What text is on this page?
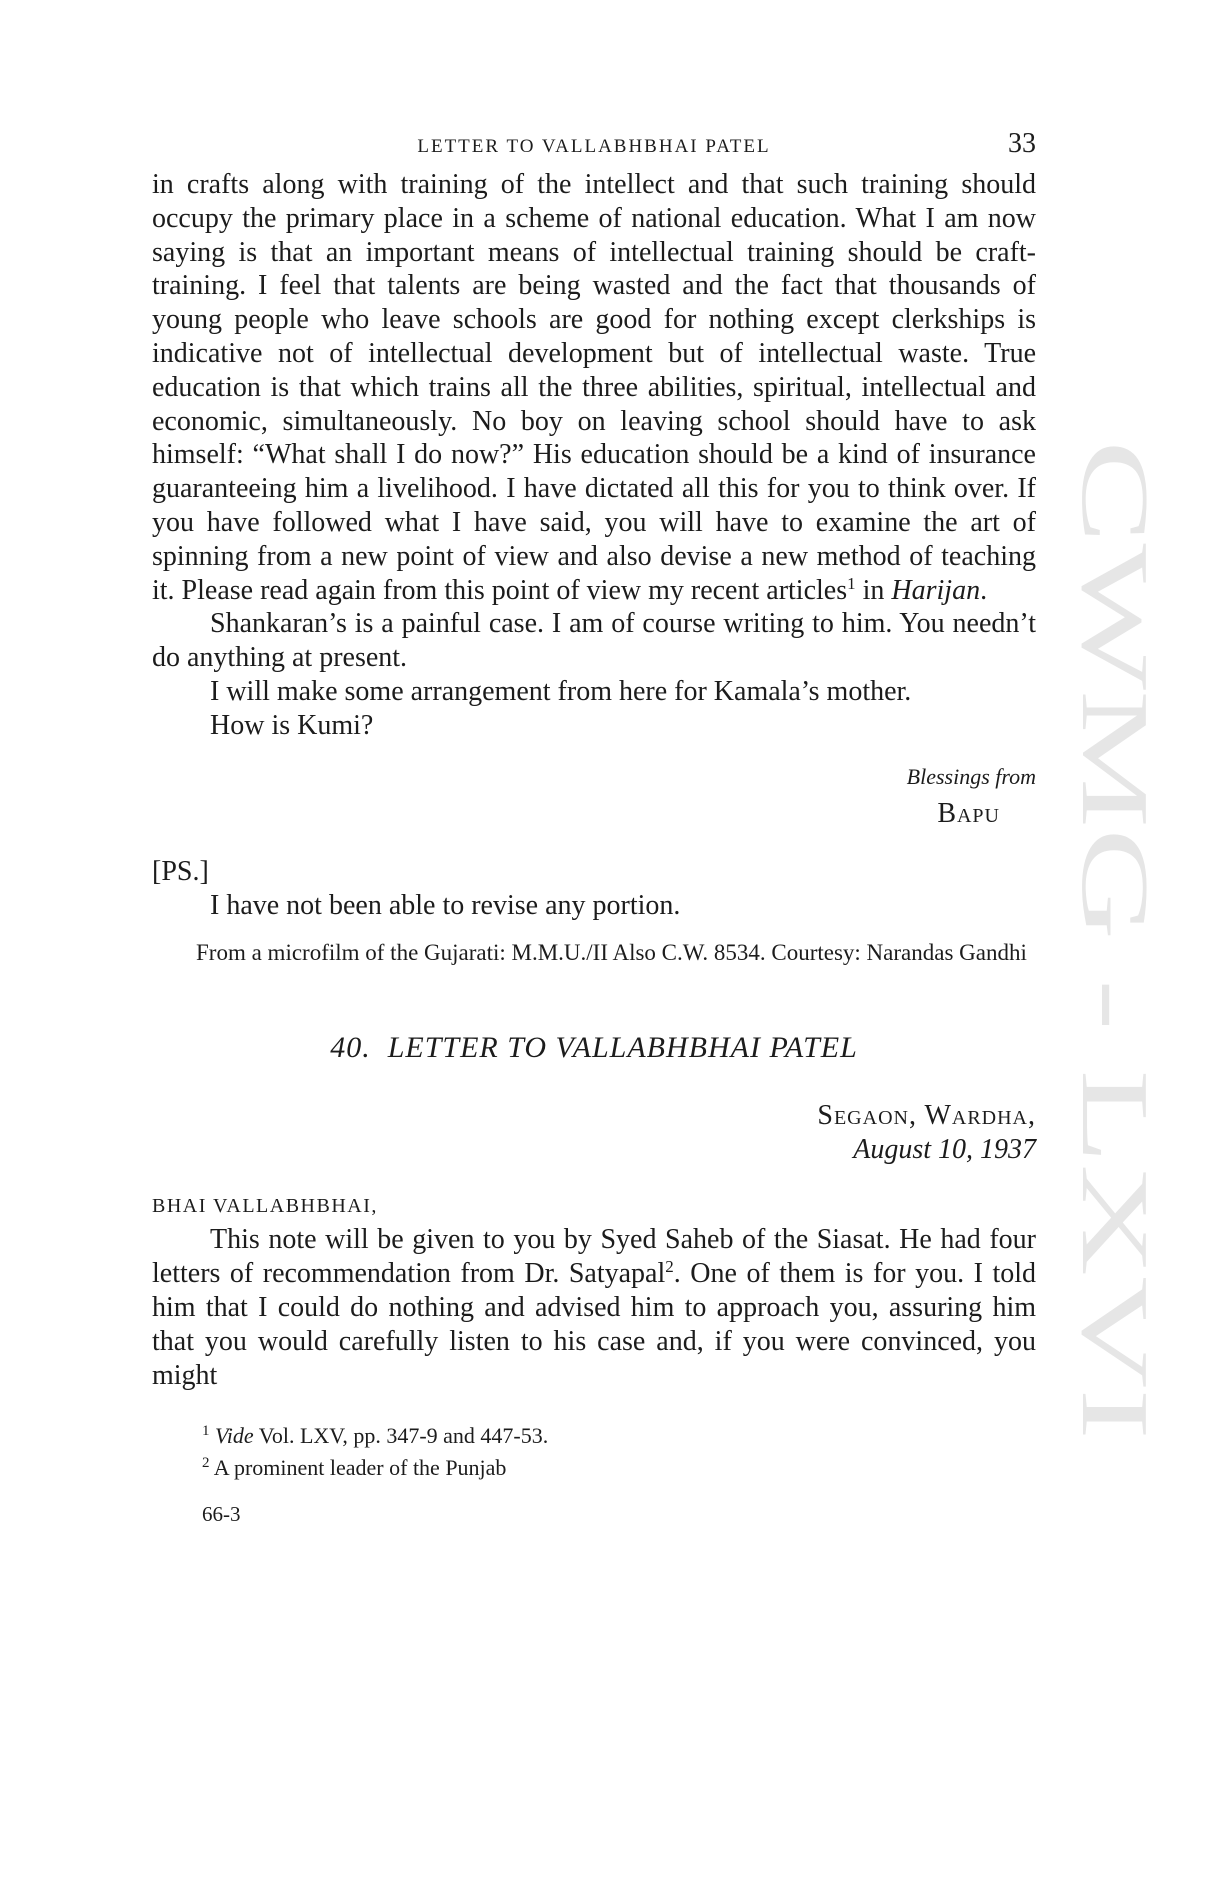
CWMG - LXVI
LETTER TO VALLABHBHAI PATEL	33

in crafts along with training of the intellect and that such training should occupy the primary place in a scheme of national education. What I am now saying is that an important means of intellectual training should be craft-training. I feel that talents are being wasted and the fact that thousands of young people who leave schools are good for nothing except clerkships is indicative not of intellectual development but of intellectual waste. True education is that which trains all the three abilities, spiritual, intellectual and economic, simultaneously. No boy on leaving school should have to ask himself: “What shall I do now?” His education should be a kind of insurance guaranteeing him a livelihood. I have dictated all this for you to think over. If you have followed what I have said, you will have to examine the art of spinning from a new point of view and also devise a new method of teaching it. Please read again from this point of view my recent articles$^1$ in Harijan.

Shankaran’s is a painful case. I am of course writing to him. You needn’t do anything at present.

I will make some arrangement from here for Kamala’s mother.

How is Kumi?

Blessings from
Bapu
[PS.]

I have not been able to revise any portion.

From a microfilm of the Gujarati: M.M.U./II Also C.W. 8534. Courtesy: Narandas Gandhi

40. LETTER TO VALLABHBHAI PATEL
Segaon, Wardha,
August 10, 1937
BHAI VALLABHBHAI,

This note will be given to you by Syed Saheb of the Siasat. He had four letters of recommendation from Dr. Satyapal$^2$. One of them is for you. I told him that I could do nothing and advised him to approach you, assuring him that you would carefully listen to his case and, if you were convinced, you might

$^1$ Vide Vol. LXV, pp. 347-9 and 447-53.
$^2$ A prominent leader of the Punjab
66-3
